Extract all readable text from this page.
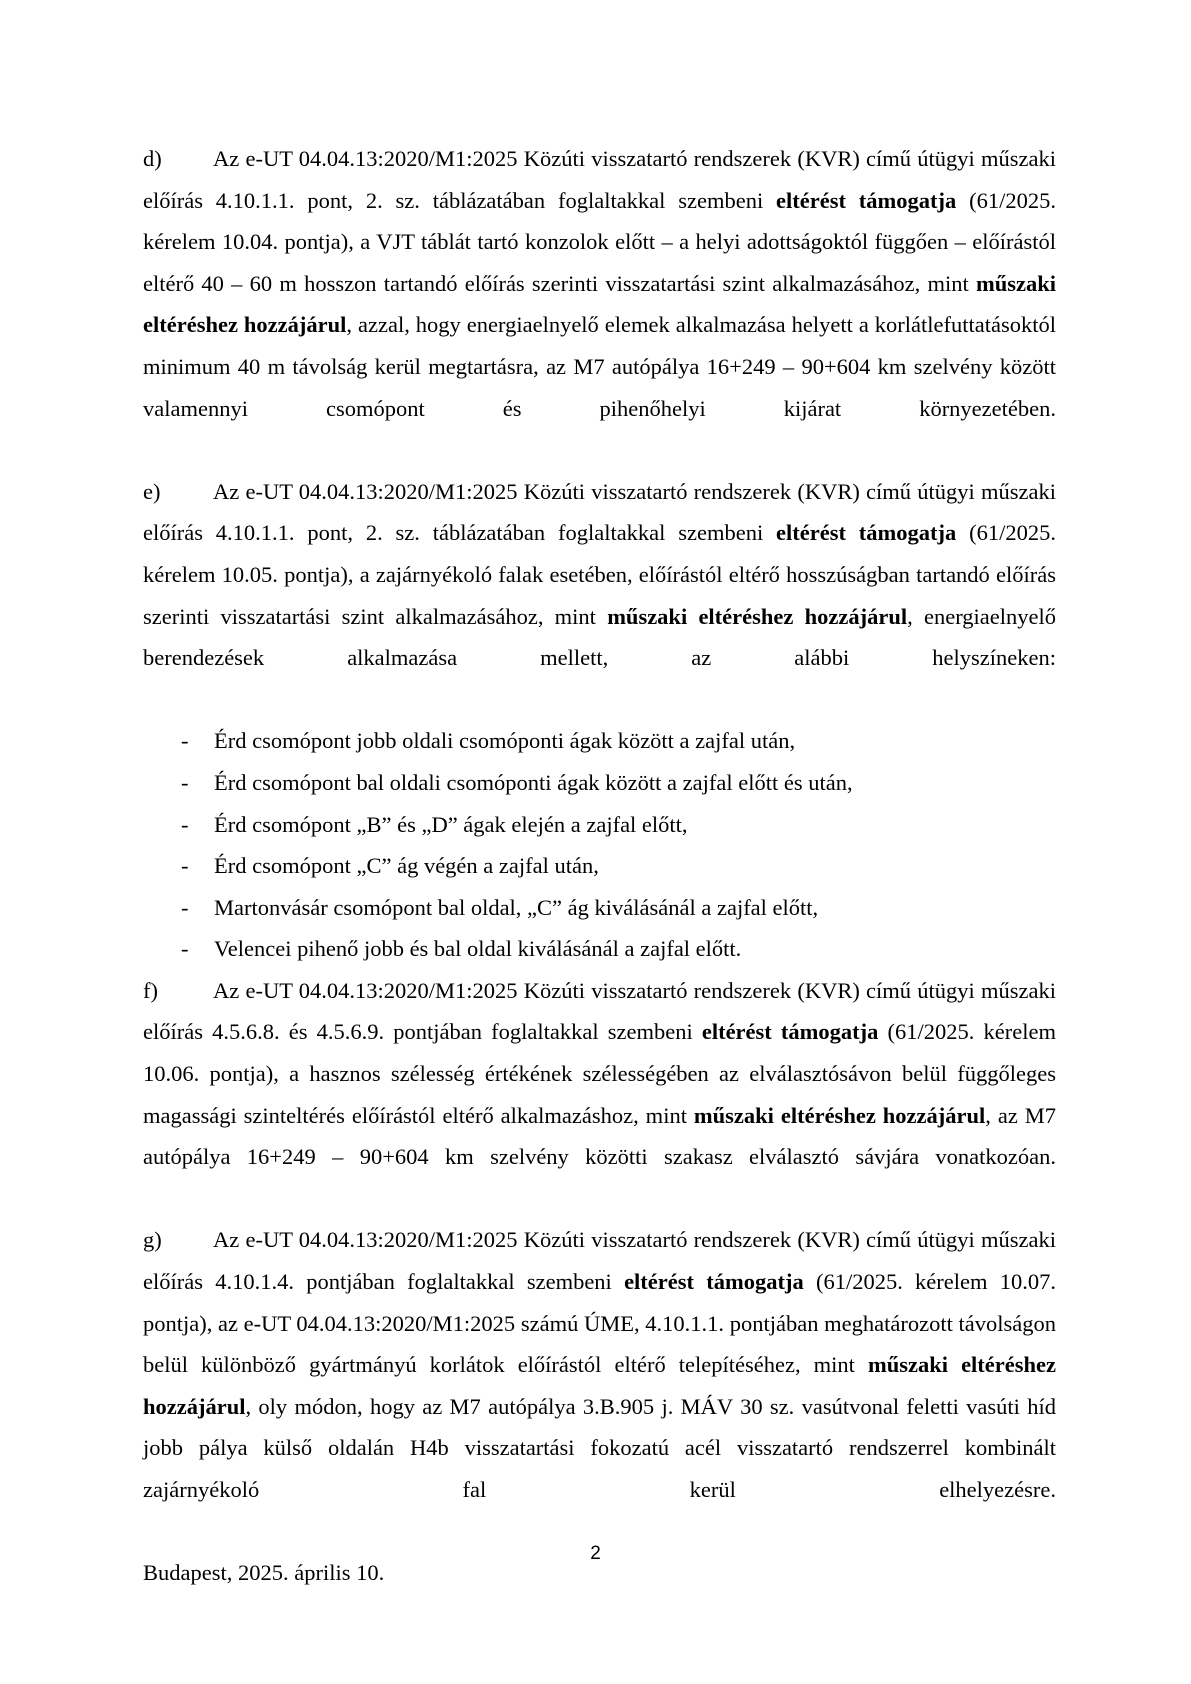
d) Az e-UT 04.04.13:2020/M1:2025 Közúti visszatartó rendszerek (KVR) című útügyi műszaki előírás 4.10.1.1. pont, 2. sz. táblázatában foglaltakkal szembeni eltérést támogatja (61/2025. kérelem 10.04. pontja), a VJT táblát tartó konzolok előtt – a helyi adottságoktól függően – előírástól eltérő 40 – 60 m hosszon tartandó előírás szerinti visszatartási szint alkalmazásához, mint műszaki eltéréshez hozzájárul, azzal, hogy energiaelnyelő elemek alkalmazása helyett a korlátlefuttatásoktól minimum 40 m távolság kerül megtartásra, az M7 autópálya 16+249 – 90+604 km szelvény között valamennyi csomópont és pihenőhelyi kijárat környezetében.

e) Az e-UT 04.04.13:2020/M1:2025 Közúti visszatartó rendszerek (KVR) című útügyi műszaki előírás 4.10.1.1. pont, 2. sz. táblázatában foglaltakkal szembeni eltérést támogatja (61/2025. kérelem 10.05. pontja), a zajárnyékoló falak esetében, előírástól eltérő hosszúságban tartandó előírás szerinti visszatartási szint alkalmazásához, mint műszaki eltéréshez hozzájárul, energiaelnyelő berendezések alkalmazása mellett, az alábbi helyszíneken:

- Érd csomópont jobb oldali csomóponti ágak között a zajfal után,
- Érd csomópont bal oldali csomóponti ágak között a zajfal előtt és után,
- Érd csomópont „B” és „D” ágak elején a zajfal előtt,
- Érd csomópont „C” ág végén a zajfal után,
- Martonvásár csomópont bal oldal, „C” ág kiválásánál a zajfal előtt,
- Velencei pihenő jobb és bal oldal kiválásánál a zajfal előtt.

f) Az e-UT 04.04.13:2020/M1:2025 Közúti visszatartó rendszerek (KVR) című útügyi műszaki előírás 4.5.6.8. és 4.5.6.9. pontjában foglaltakkal szembeni eltérést támogatja (61/2025. kérelem 10.06. pontja), a hasznos szélesség értékének szélességében az elválasztósávon belül függőleges magassági szinteltérés előírástól eltérő alkalmazáshoz, mint műszaki eltéréshez hozzájárul, az M7 autópálya 16+249 – 90+604 km szelvény közötti szakasz elválasztó sávjára vonatkozóan.

g) Az e-UT 04.04.13:2020/M1:2025 Közúti visszatartó rendszerek (KVR) című útügyi műszaki előírás 4.10.1.4. pontjában foglaltakkal szembeni eltérést támogatja (61/2025. kérelem 10.07. pontja), az e-UT 04.04.13:2020/M1:2025 számú ÚME, 4.10.1.1. pontjában meghatározott távolságon belül különböző gyártmányú korlátok előírástól eltérő telepítéséhez, mint műszaki eltéréshez hozzájárul, oly módon, hogy az M7 autópálya 3.B.905 j. MÁV 30 sz. vasútvonal feletti vasúti híd jobb pálya külső oldalán H4b visszatartási fokozatú acél visszatartó rendszerrel kombinált zajárnyékoló fal kerül elhelyezésre.

Budapest, 2025. április 10.

2
